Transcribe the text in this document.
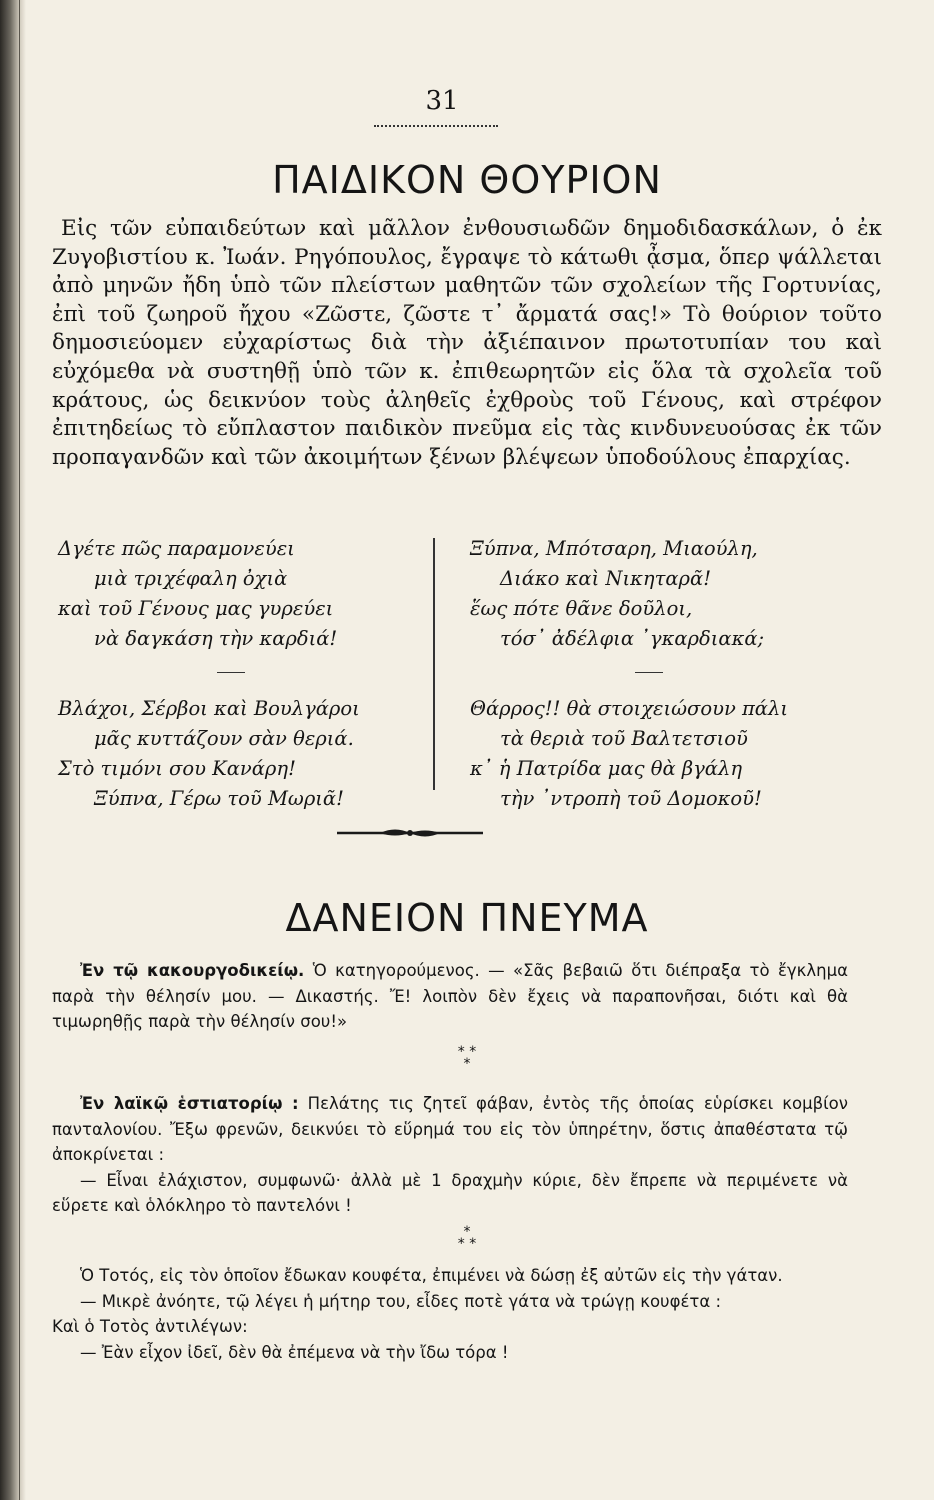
31
ΠΑΙΔΙΚΟΝ ΘΟΥΡΙΟΝ

Εἰς τῶν εὐπαιδεύτων καὶ μᾶλλον ἐνθουσιωδῶν δημοδιδασκάλων, ὁ ἐκ Ζυγοβιστίου κ. Ἰωάν. Ρηγόπουλος, ἔγραψε τὸ κάτωθι ᾆσμα, ὅπερ ψάλλεται ἀπὸ μηνῶν ἤδη ὑπὸ τῶν πλείστων μαθητῶν τῶν σχολείων τῆς Γορτυνίας, ἐπὶ τοῦ ζωηροῦ ἤχου «Ζῶστε, ζῶστε τ᾽ ἄρματά σας!» Τὸ θούριον τοῦτο δημοσιεύομεν εὐχαρίστως διὰ τὴν ἀξιέπαινον πρωτοτυπίαν του καὶ εὐχόμεθα νὰ συστηθῇ ὑπὸ τῶν κ. ἐπιθεωρητῶν εἰς ὅλα τὰ σχολεῖα τοῦ κράτους, ὡς δεικνύον τοὺς ἀληθεῖς ἐχθροὺς τοῦ Γένους, καὶ στρέφον ἐπιτηδείως τὸ εὔπλαστον παιδικὸν πνεῦμα εἰς τὰς κινδυνευούσας ἐκ τῶν προπαγανδῶν καὶ τῶν ἀκοιμήτων ξένων βλέψεων ὑποδούλους ἐπαρχίας.

Δγέτε πῶς παραμονεύει
μιὰ τριχέφαλη ὀχιὰ
καὶ τοῦ Γένους μας γυρεύει
νὰ δαγκάση τὴν καρδιά!
Βλάχοι, Σέρβοι καὶ Βουλγάροι
μᾶς κυττάζουν σὰν θεριά.
Στὸ τιμόνι σου Κανάρη!
Ξύπνα, Γέρω τοῦ Μωριᾶ!
Ξύπνα, Μπότσαρη, Μιαούλη,
Διάκο καὶ Νικηταρᾶ!
ἕως πότε θᾶνε δοῦλοι,
τόσ᾽ ἀδέλφια ᾽γκαρδιακά;
Θάρρος!! θὰ στοιχειώσουν πάλι
τὰ θεριὰ τοῦ Βαλτετσιοῦ
κ᾽ ἡ Πατρίδα μας θὰ βγάλη
τὴν ᾽ντροπὴ τοῦ Δομοκοῦ!
ΔΑΝΕΙΟΝ ΠΝΕΥΜΑ

Ἐν τῷ κακουργοδικείῳ. Ὁ κατηγορούμενος. — «Σᾶς βεβαιῶ ὅτι διέπραξα τὸ ἔγκλημα παρὰ τὴν θέλησίν μου. — Δικαστής. Ἔ! λοιπὸν δὲν ἔχεις νὰ παραπονῆσαι, διότι καὶ θὰ τιμωρηθῇς παρὰ τὴν θέλησίν σου!»

* *
*

Ἐν λαϊκῷ ἑστιατορίῳ : Πελάτης τις ζητεῖ φάβαν, ἐντὸς τῆς ὁποίας εὑρίσκει κομβίον πανταλονίου. Ἔξω φρενῶν, δεικνύει τὸ εὕρημά του εἰς τὸν ὑπηρέτην, ὅστις ἀπαθέστατα τῷ ἀποκρίνεται :

— Εἶναι ἐλάχιστον, συμφωνῶ· ἀλλὰ μὲ 1 δραχμὴν κύριε, δὲν ἔπρεπε νὰ περιμένετε νὰ εὕρετε καὶ ὁλόκληρο τὸ παντελόνι !

*
* *

Ὁ Τοτός, εἰς τὸν ὁποῖον ἔδωκαν κουφέτα, ἐπιμένει νὰ δώσῃ ἐξ αὐτῶν εἰς τὴν γάταν.

— Μικρὲ ἀνόητε, τῷ λέγει ἡ μήτηρ του, εἶδες ποτὲ γάτα νὰ τρώγῃ κουφέτα :

Καὶ ὁ Τοτὸς ἀντιλέγων:

— Ἐὰν εἶχον ἰδεῖ, δὲν θὰ ἐπέμενα νὰ τὴν ἴδω τόρα !
